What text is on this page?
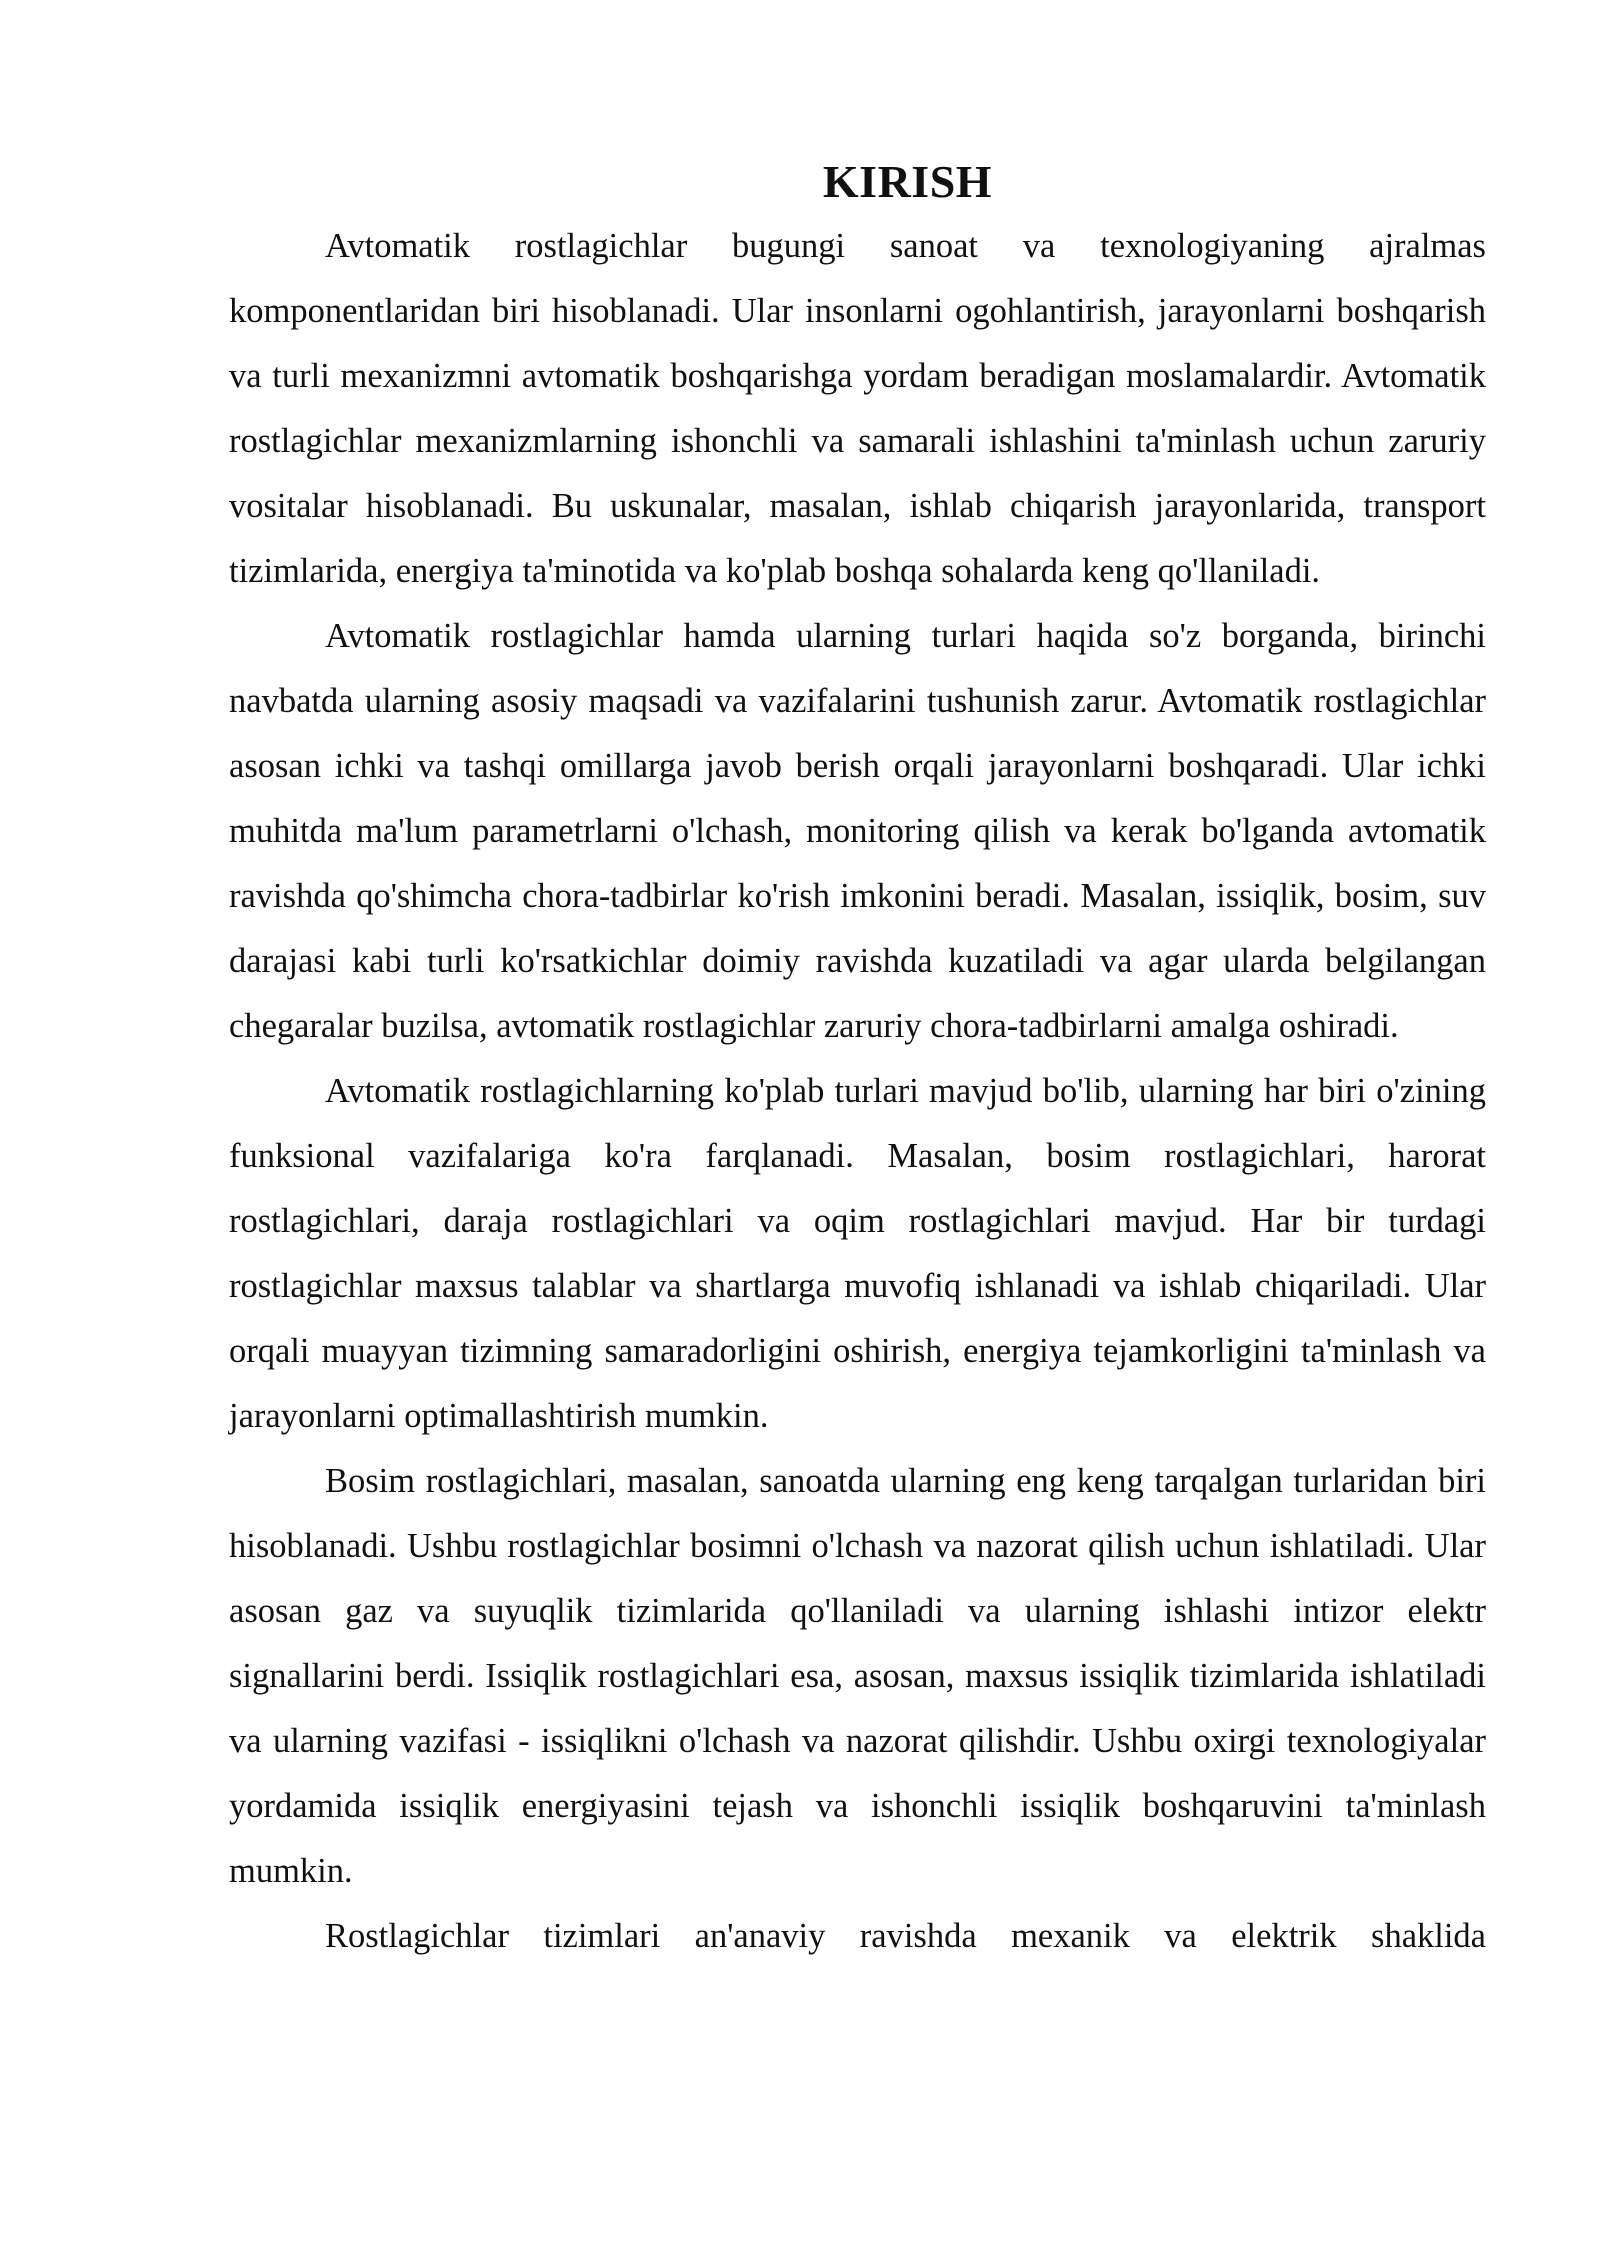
KIRISH

Avtomatik rostlagichlar bugungi sanoat va texnologiyaning ajralmas komponentlaridan biri hisoblanadi. Ular insonlarni ogohlantirish, jarayonlarni boshqarish va turli mexanizmni avtomatik boshqarishga yordam beradigan moslamalardir. Avtomatik rostlagichlar mexanizmlarning ishonchli va samarali ishlashini ta'minlash uchun zaruriy vositalar hisoblanadi. Bu uskunalar, masalan, ishlab chiqarish jarayonlarida, transport tizimlarida, energiya ta'minotida va ko'plab boshqa sohalarda keng qo'llaniladi.

Avtomatik rostlagichlar hamda ularning turlari haqida so'z borganda, birinchi navbatda ularning asosiy maqsadi va vazifalarini tushunish zarur. Avtomatik rostlagichlar asosan ichki va tashqi omillarga javob berish orqali jarayonlarni boshqaradi. Ular ichki muhitda ma'lum parametrlarni o'lchash, monitoring qilish va kerak bo'lganda avtomatik ravishda qo'shimcha chora-tadbirlar ko'rish imkonini beradi. Masalan, issiqlik, bosim, suv darajasi kabi turli ko'rsatkichlar doimiy ravishda kuzatiladi va agar ularda belgilangan chegaralar buzilsa, avtomatik rostlagichlar zaruriy chora-tadbirlarni amalga oshiradi.

Avtomatik rostlagichlarning ko'plab turlari mavjud bo'lib, ularning har biri o'zining funksional vazifalariga ko'ra farqlanadi. Masalan, bosim rostlagichlari, harorat rostlagichlari, daraja rostlagichlari va oqim rostlagichlari mavjud. Har bir turdagi rostlagichlar maxsus talablar va shartlarga muvofiq ishlanadi va ishlab chiqariladi. Ular orqali muayyan tizimning samaradorligini oshirish, energiya tejamkorligini ta'minlash va jarayonlarni optimallashtirish mumkin.

Bosim rostlagichlari, masalan, sanoatda ularning eng keng tarqalgan turlaridan biri hisoblanadi. Ushbu rostlagichlar bosimni o'lchash va nazorat qilish uchun ishlatiladi. Ular asosan gaz va suyuqlik tizimlarida qo'llaniladi va ularning ishlashi intizor elektr signallarini berdi. Issiqlik rostlagichlari esa, asosan, maxsus issiqlik tizimlarida ishlatiladi va ularning vazifasi - issiqlikni o'lchash va nazorat qilishdir. Ushbu oxirgi texnologiyalar yordamida issiqlik energiyasini tejash va ishonchli issiqlik boshqaruvini ta'minlash mumkin.

Rostlagichlar tizimlari an'anaviy ravishda mexanik va elektrik shaklida
